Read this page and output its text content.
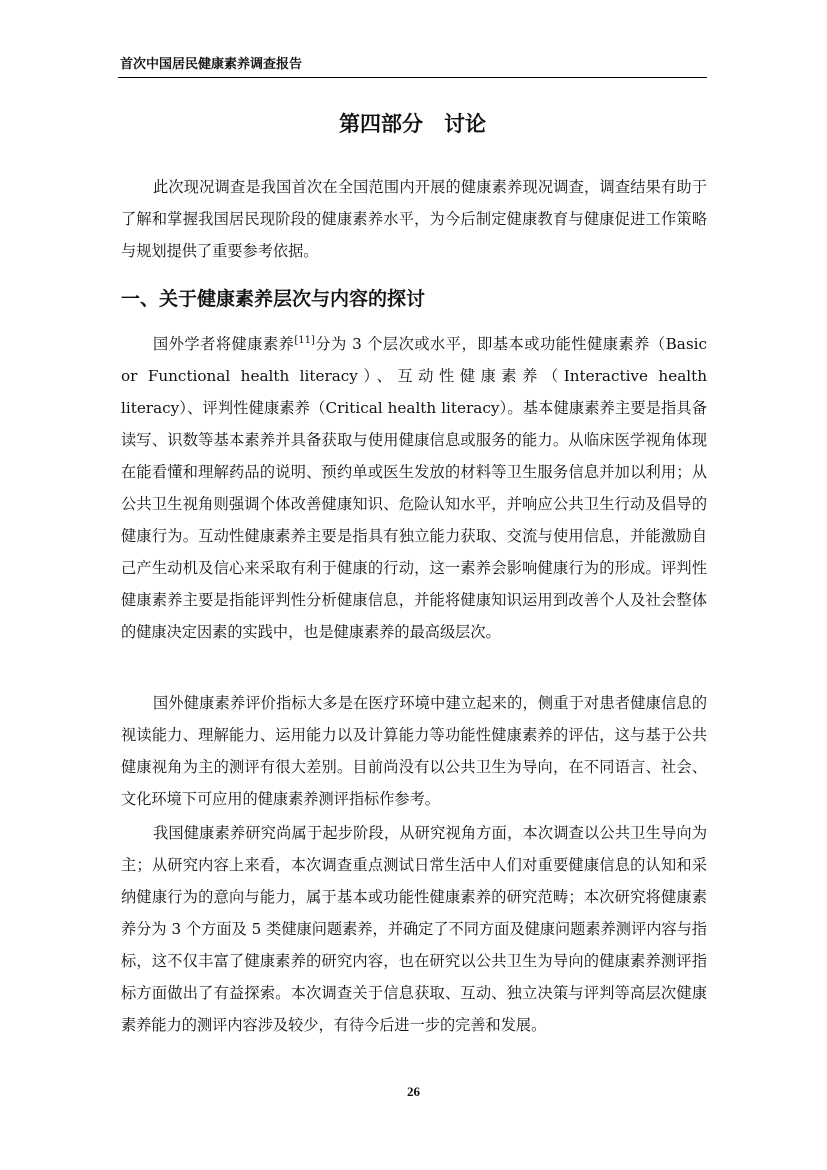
首次中国居民健康素养调查报告
第四部分　讨论

此次现况调查是我国首次在全国范围内开展的健康素养现况调查，调查结果有助于了解和掌握我国居民现阶段的健康素养水平，为今后制定健康教育与健康促进工作策略与规划提供了重要参考依据。

一、关于健康素养层次与内容的探讨

国外学者将健康素养[11]分为 3 个层次或水平，即基本或功能性健康素养（Basic or Functional health literacy）、互动性健康素养（Interactive health literacy）、评判性健康素养（Critical health literacy）。基本健康素养主要是指具备读写、识数等基本素养并具备获取与使用健康信息或服务的能力。从临床医学视角体现在能看懂和理解药品的说明、预约单或医生发放的材料等卫生服务信息并加以利用；从公共卫生视角则强调个体改善健康知识、危险认知水平，并响应公共卫生行动及倡导的健康行为。互动性健康素养主要是指具有独立能力获取、交流与使用信息，并能激励自己产生动机及信心来采取有利于健康的行动，这一素养会影响健康行为的形成。评判性健康素养主要是指能评判性分析健康信息，并能将健康知识运用到改善个人及社会整体的健康决定因素的实践中，也是健康素养的最高级层次。

国外健康素养评价指标大多是在医疗环境中建立起来的，侧重于对患者健康信息的视读能力、理解能力、运用能力以及计算能力等功能性健康素养的评估，这与基于公共健康视角为主的测评有很大差别。目前尚没有以公共卫生为导向，在不同语言、社会、文化环境下可应用的健康素养测评指标作参考。

我国健康素养研究尚属于起步阶段，从研究视角方面，本次调查以公共卫生导向为主；从研究内容上来看，本次调查重点测试日常生活中人们对重要健康信息的认知和采纳健康行为的意向与能力，属于基本或功能性健康素养的研究范畴；本次研究将健康素养分为 3 个方面及 5 类健康问题素养，并确定了不同方面及健康问题素养测评内容与指标，这不仅丰富了健康素养的研究内容，也在研究以公共卫生为导向的健康素养测评指标方面做出了有益探索。本次调查关于信息获取、互动、独立决策与评判等高层次健康素养能力的测评内容涉及较少，有待今后进一步的完善和发展。

26
